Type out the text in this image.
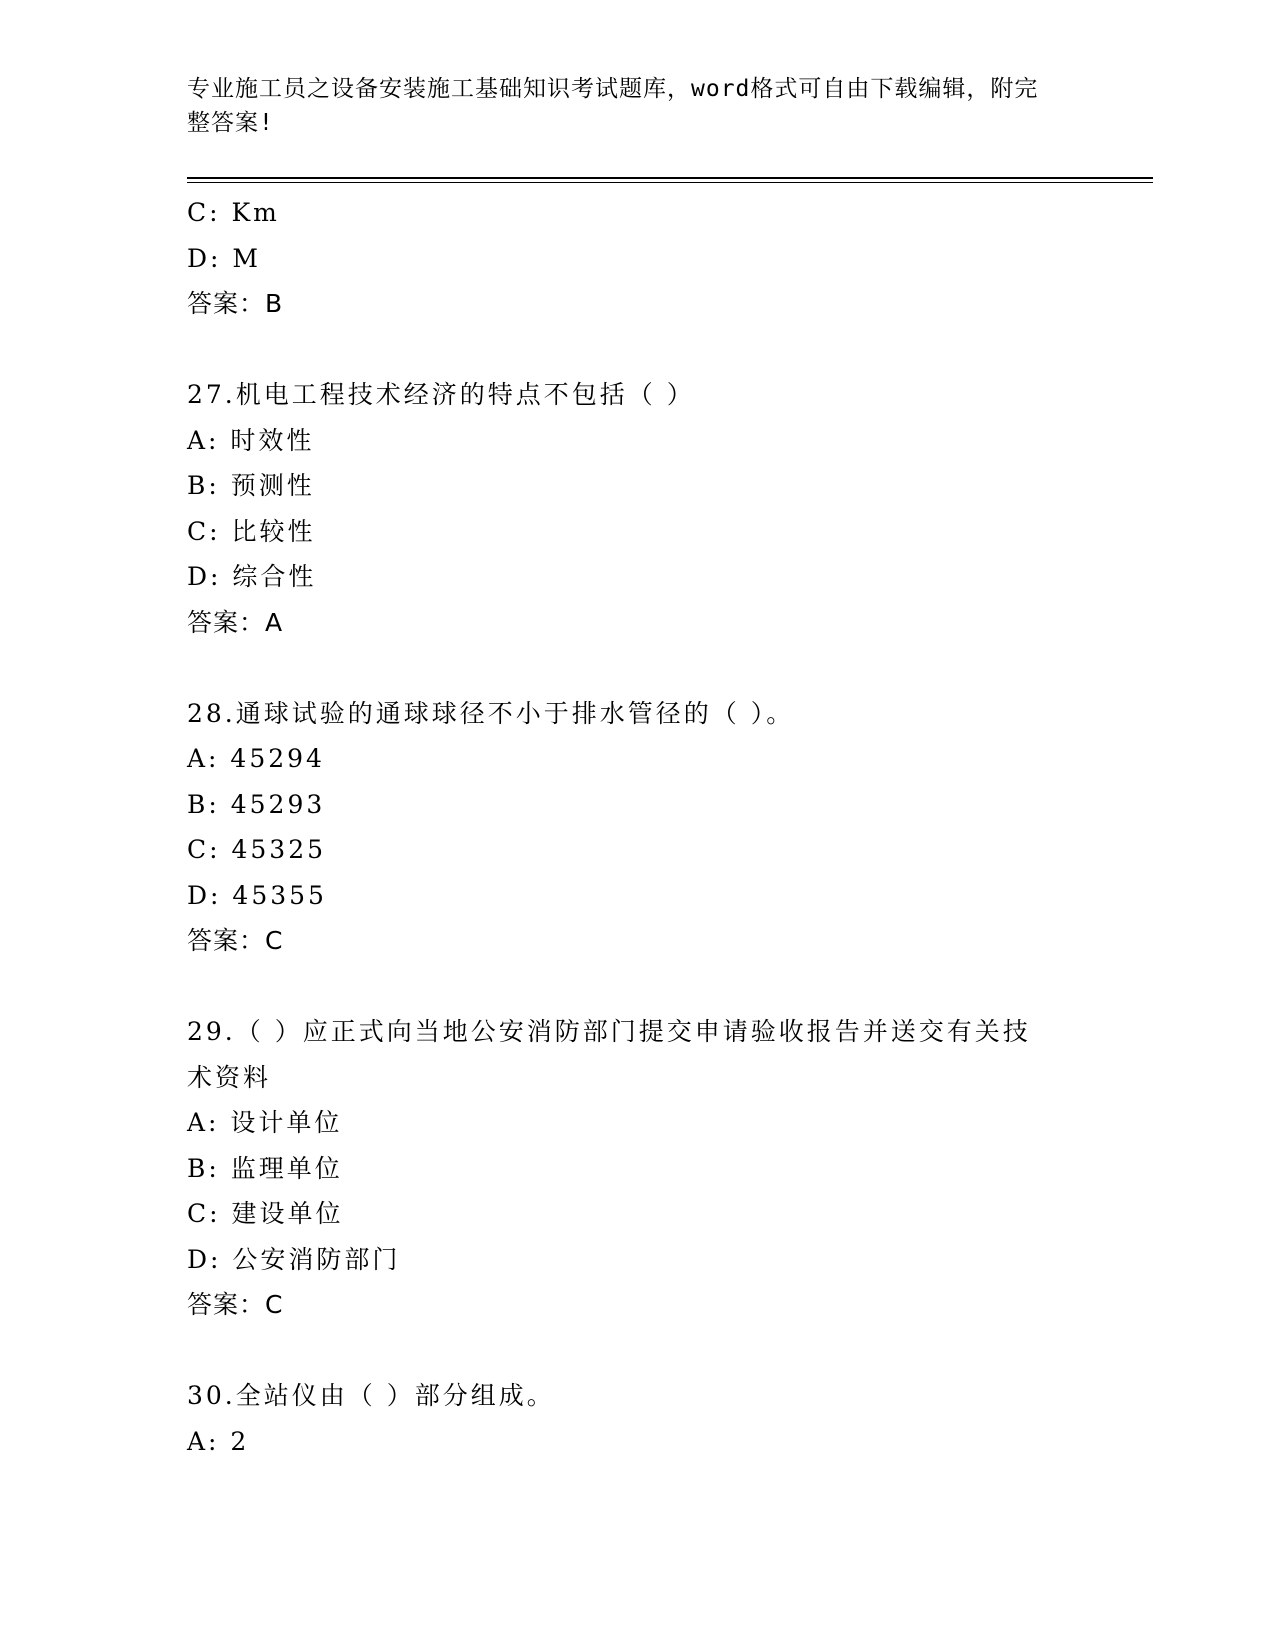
专业施工员之设备安装施工基础知识考试题库，word格式可自由下载编辑，附完
整答案!
C: Km
D: M
答案：B
27.机电工程技术经济的特点不包括（ ）
A: 时效性
B: 预测性
C: 比较性
D: 综合性
答案：A
28.通球试验的通球球径不小于排水管径的（ ）。
A: 45294
B: 45293
C: 45325
D: 45355
答案：C
29.（ ）应正式向当地公安消防部门提交申请验收报告并送交有关技
术资料
A: 设计单位
B: 监理单位
C: 建设单位
D: 公安消防部门
答案：C
30.全站仪由（ ）部分组成。
A: 2
